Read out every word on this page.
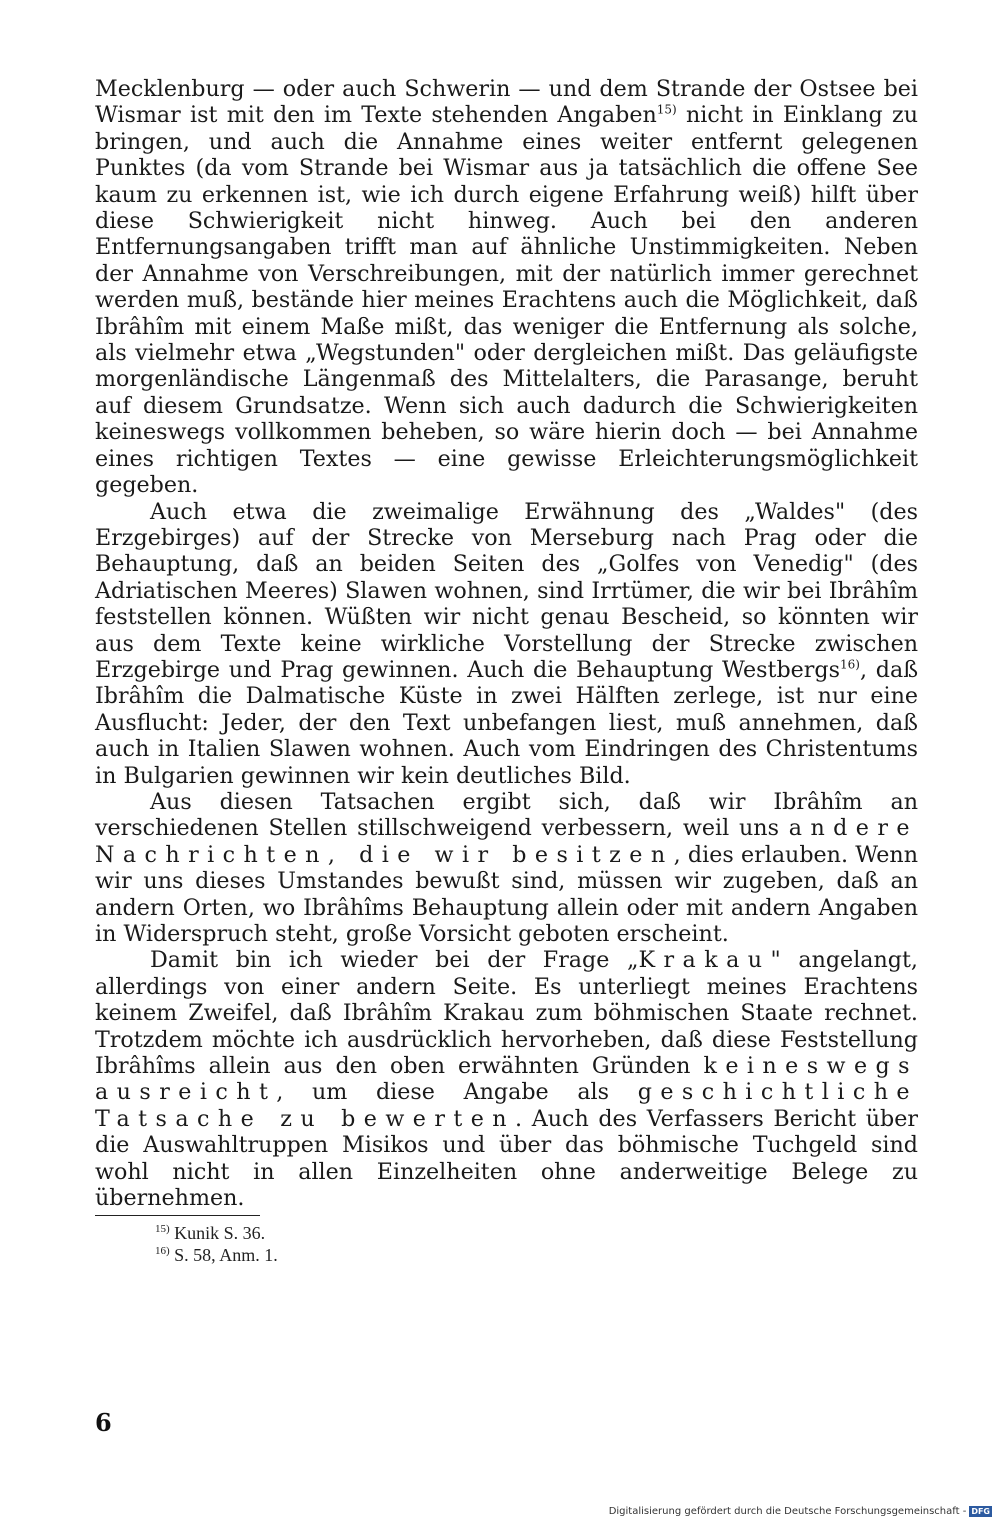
Mecklenburg — oder auch Schwerin — und dem Strande der Ostsee bei Wismar ist mit den im Texte stehenden Angaben$^{15)}$ nicht in Einklang zu bringen, und auch die Annahme eines weiter entfernt gelegenen Punktes (da vom Strande bei Wismar aus ja tatsächlich die offene See kaum zu erkennen ist, wie ich durch eigene Erfahrung weiß) hilft über diese Schwierigkeit nicht hinweg. Auch bei den anderen Entfernungsangaben trifft man auf ähnliche Unstimmigkeiten. Neben der Annahme von Verschreibungen, mit der natürlich immer gerechnet werden muß, bestände hier meines Erachtens auch die Möglichkeit, daß Ibrâhîm mit einem Maße mißt, das weniger die Entfernung als solche, als vielmehr etwa „Wegstunden" oder dergleichen mißt. Das geläufigste morgenländische Längenmaß des Mittelalters, die Parasange, beruht auf diesem Grundsatze. Wenn sich auch dadurch die Schwierigkeiten keineswegs vollkommen beheben, so wäre hierin doch — bei Annahme eines richtigen Textes — eine gewisse Erleichterungsmöglichkeit gegeben.

Auch etwa die zweimalige Erwähnung des „Waldes" (des Erzgebirges) auf der Strecke von Merseburg nach Prag oder die Behauptung, daß an beiden Seiten des „Golfes von Venedig" (des Adriatischen Meeres) Slawen wohnen, sind Irrtümer, die wir bei Ibrâhîm feststellen können. Wüßten wir nicht genau Bescheid, so könnten wir aus dem Texte keine wirkliche Vorstellung der Strecke zwischen Erzgebirge und Prag gewinnen. Auch die Behauptung Westbergs$^{16)}$, daß Ibrâhîm die Dalmatische Küste in zwei Hälften zerlege, ist nur eine Ausflucht: Jeder, der den Text unbefangen liest, muß annehmen, daß auch in Italien Slawen wohnen. Auch vom Eindringen des Christentums in Bulgarien gewinnen wir kein deutliches Bild.

Aus diesen Tatsachen ergibt sich, daß wir Ibrâhîm an verschiedenen Stellen stillschweigend verbessern, weil uns andere Nachrichten, die wir besitzen, dies erlauben. Wenn wir uns dieses Umstandes bewußt sind, müssen wir zugeben, daß an andern Orten, wo Ibrâhîms Behauptung allein oder mit andern Angaben in Widerspruch steht, große Vorsicht geboten erscheint.

Damit bin ich wieder bei der Frage „Krakau" angelangt, allerdings von einer andern Seite. Es unterliegt meines Erachtens keinem Zweifel, daß Ibrâhîm Krakau zum böhmischen Staate rechnet. Trotzdem möchte ich ausdrücklich hervorheben, daß diese Feststellung Ibrâhîms allein aus den oben erwähnten Gründen keineswegs ausreicht, um diese Angabe als geschichtliche Tatsache zu bewerten. Auch des Verfassers Bericht über die Auswahltruppen Misikos und über das böhmische Tuchgeld sind wohl nicht in allen Einzelheiten ohne anderweitige Belege zu übernehmen.

$^{15)}$ Kunik S. 36.
$^{16)}$ S. 58, Anm. 1.
6
Digitalisierung gefördert durch die Deutsche Forschungsgemeinschaft - DFG
